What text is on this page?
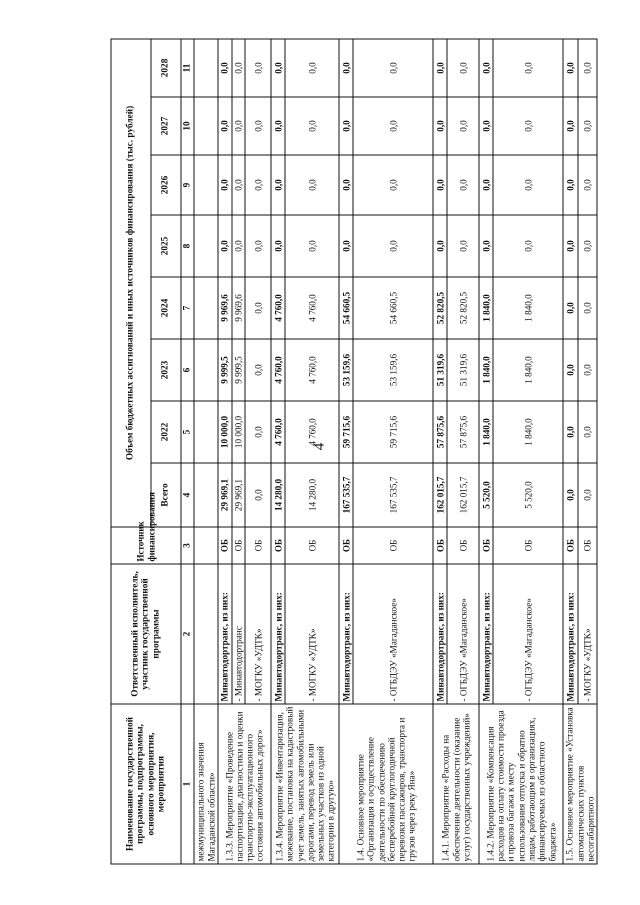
4
Наименование государственной программы, подпрограммы, основного мероприятия, мероприятия	Ответственный исполнитель, участник государственной программы	Источник финансирования	Объем бюджетных ассигнований и иных источников финансирования (тыс. рублей)							
			Всего	2022	2023	2024	2025	2026	2027	2028
1	2	3	4	5	6	7	8	9	10	11
межмуниципального значения Магаданской области»										
1.3.3. Мероприятие «Проведение паспортизации, диагностики и оценки транспортно-эксплуатационного состояния автомобильных дорог»	Минавтодортранс, из них:	ОБ	29 969,1	10 000,0	9 999,5	9 969,6	0,0	0,0	0,0	0,0
	- Минавтодортранс	ОБ	29 969,1	10 000,0	9 999,5	9 969,6	0,0	0,0	0,0	0,0
	- МОГКУ «УДТК»	ОБ	0,0	0,0	0,0	0,0	0,0	0,0	0,0	0,0
1.3.4. Мероприятие «Инвентаризация, межевание, постановка на кадастровый учет земель, занятых автомобильными дорогами, перевод земель или земельных участков из одной категории в другую»	Минавтодортранс, из них:	ОБ	14 280,0	4 760,0	4 760,0	4 760,0	0,0	0,0	0,0	0,0
	- МОГКУ «УДТК»	ОБ	14 280,0	4 760,0	4 760,0	4 760,0	0,0	0,0	0,0	0,0
1.4. Основное мероприятие «Организация и осуществление деятельности по обеспечению бесперебойной круглогодичной перевозки пассажиров, транспорта и грузов через реку Яна»	Минавтодортранс, из них:	ОБ	167 535,7	59 715,6	53 159,6	54 660,5	0,0	0,0	0,0	0,0
	- ОГБДЭУ «Магаданское»	ОБ	167 535,7	59 715,6	53 159,6	54 660,5	0,0	0,0	0,0	0,0
1.4.1. Мероприятие «Расходы на обеспечение деятельности (оказание услуг) государственных учреждений»	Минавтодортранс, из них:	ОБ	162 015,7	57 875,6	51 319,6	52 820,5	0,0	0,0	0,0	0,0
	- ОГБДЭУ «Магаданское»	ОБ	162 015,7	57 875,6	51 319,6	52 820,5	0,0	0,0	0,0	0,0
1.4.2. Мероприятие «Компенсация расходов на оплату стоимости проезда и провоза багажа к месту использования отпуска и обратно лицам, работающим в организациях, финансируемых из областного бюджета»	Минавтодортранс, из них:	ОБ	5 520,0	1 840,0	1 840,0	1 840,0	0,0	0,0	0,0	0,0
	- ОГБДЭУ «Магаданское»	ОБ	5 520,0	1 840,0	1 840,0	1 840,0	0,0	0,0	0,0	0,0
1.5. Основное мероприятие «Установка автоматических пунктов весогабаритного	Минавтодортранс, из них:	ОБ	0,0	0,0	0,0	0,0	0,0	0,0	0,0	0,0
	- МОГКУ «УДТК»	ОБ	0,0	0,0	0,0	0,0	0,0	0,0	0,0	0,0
